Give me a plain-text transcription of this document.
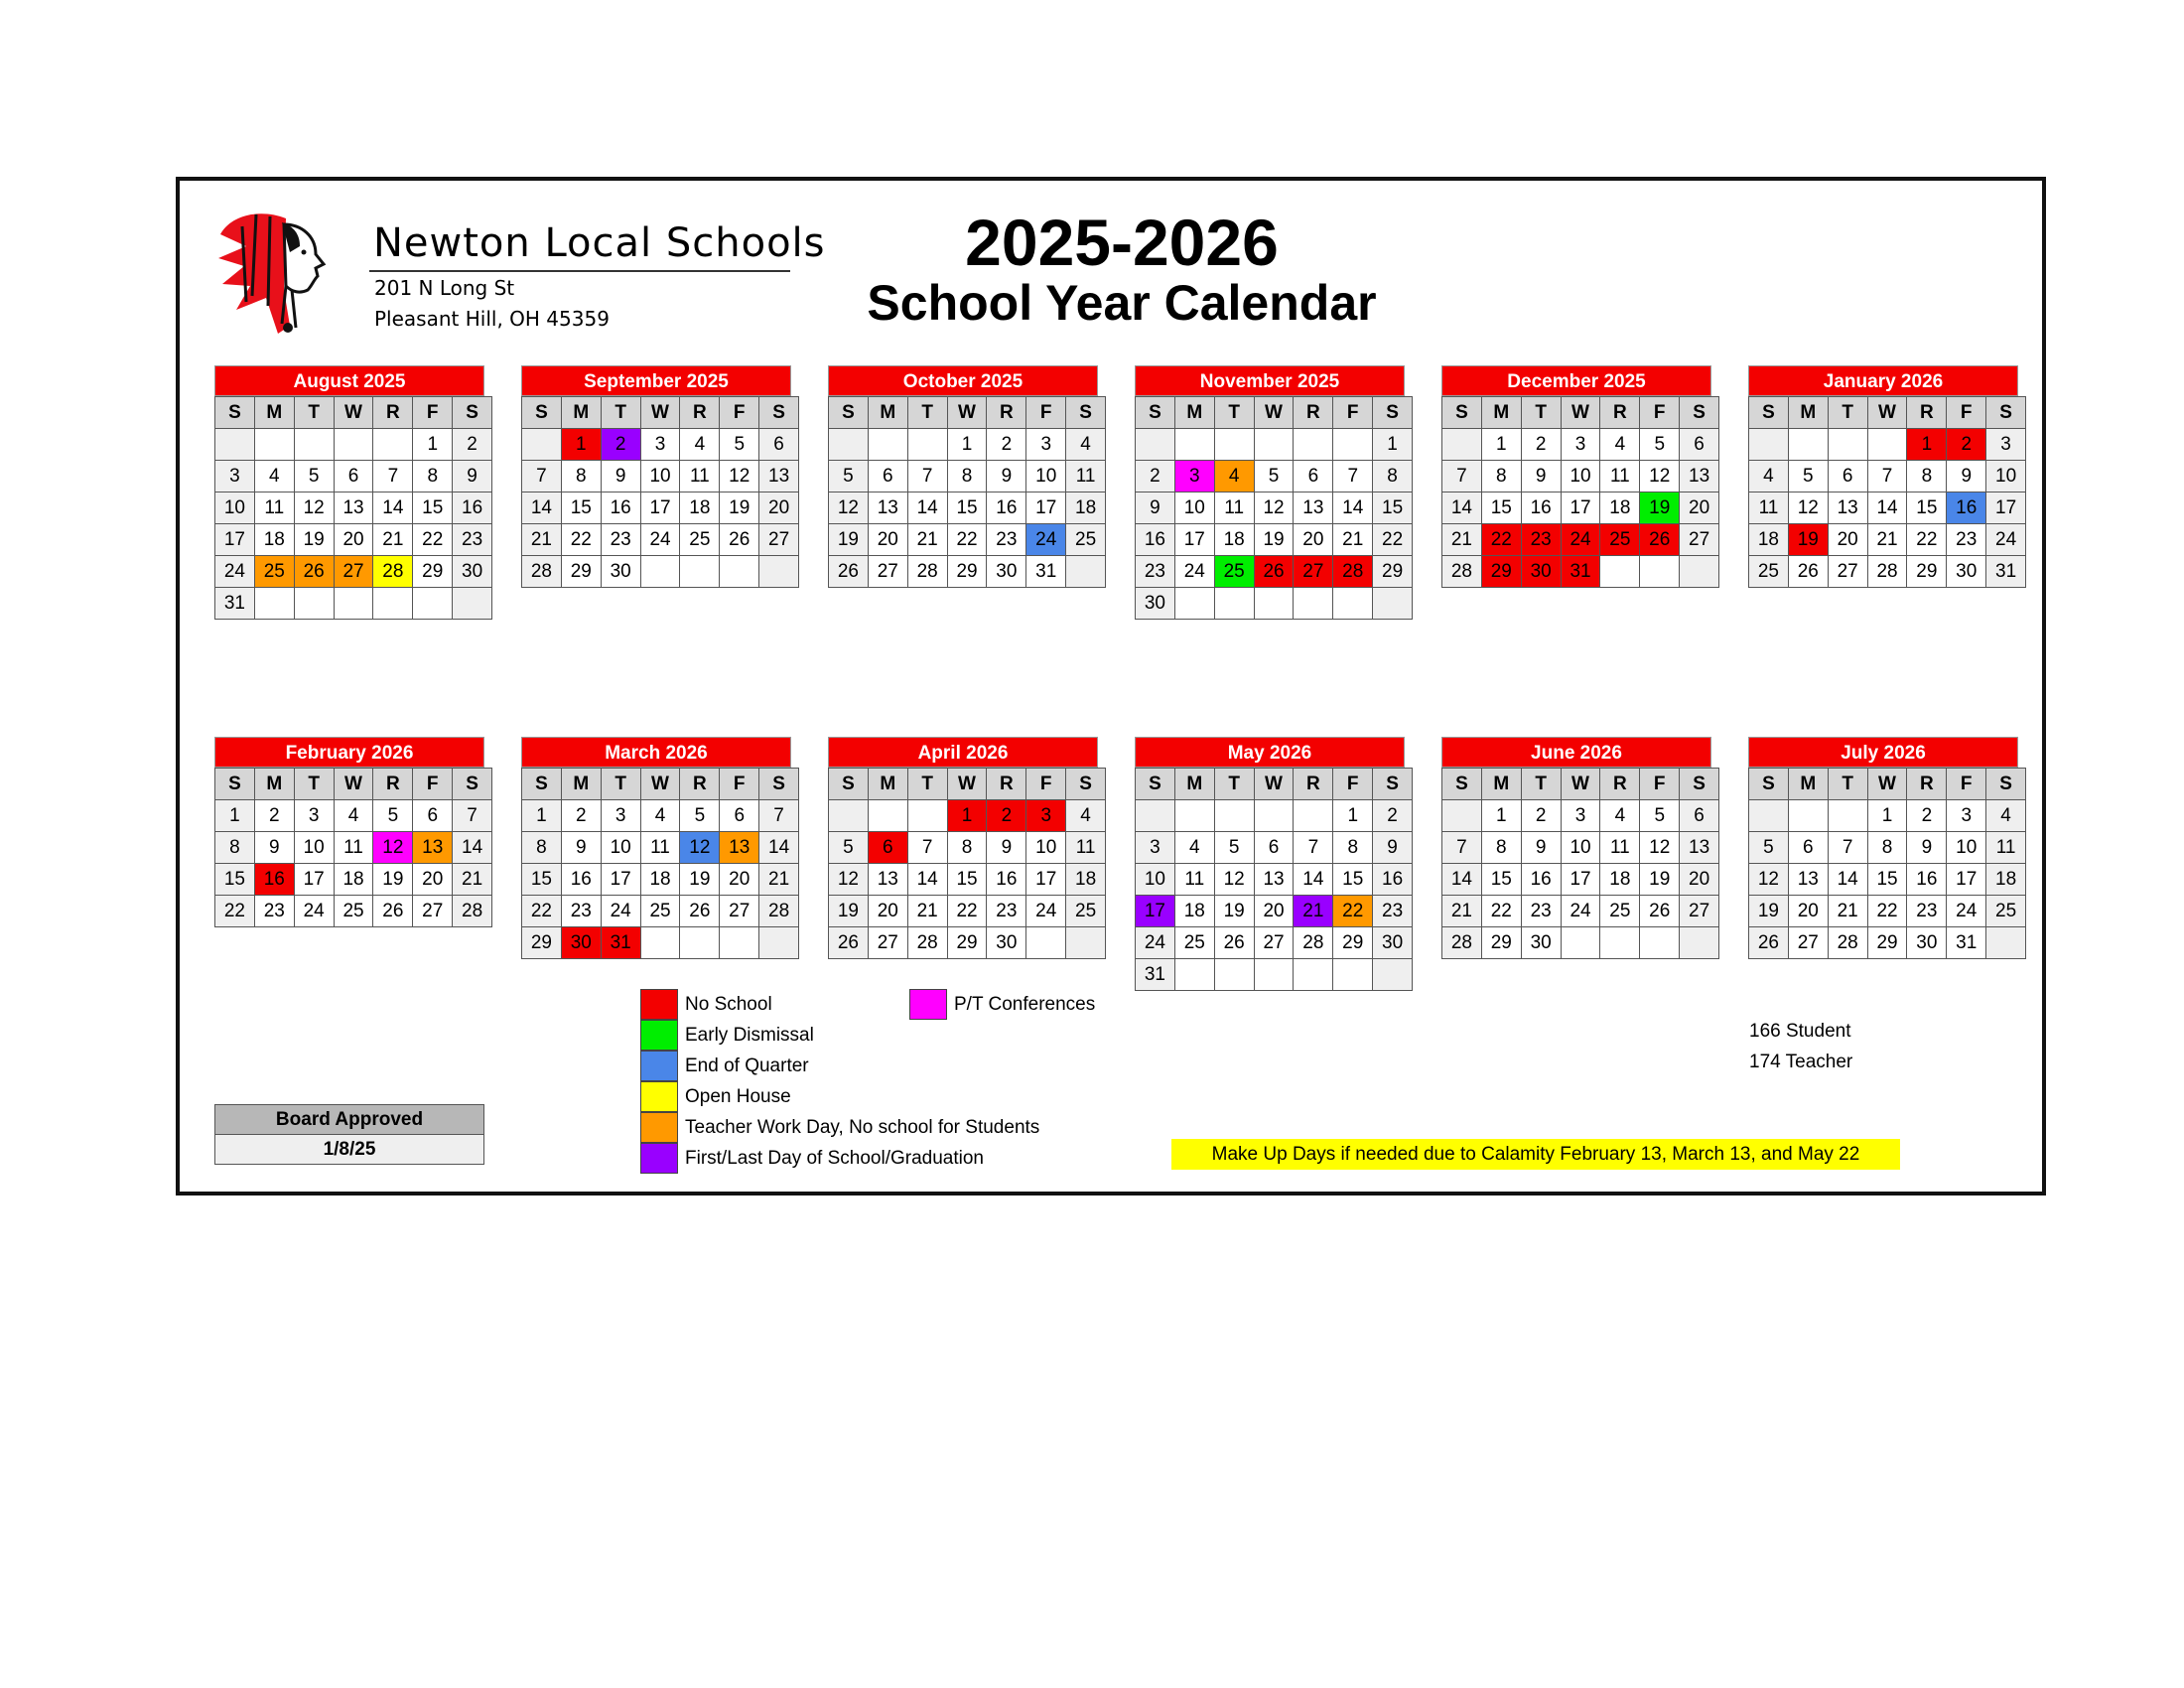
Newton Local Schools
201 N Long St
Pleasant Hill, OH 45359
2025-2026
School Year Calendar
August 2025
S	M	T	W	R	F	S
					1	2
3	4	5	6	7	8	9
10	11	12	13	14	15	16
17	18	19	20	21	22	23
24	25	26	27	28	29	30
31						
September 2025
S	M	T	W	R	F	S
	1	2	3	4	5	6
7	8	9	10	11	12	13
14	15	16	17	18	19	20
21	22	23	24	25	26	27
28	29	30				
October 2025
S	M	T	W	R	F	S
			1	2	3	4
5	6	7	8	9	10	11
12	13	14	15	16	17	18
19	20	21	22	23	24	25
26	27	28	29	30	31	
November 2025
S	M	T	W	R	F	S
						1
2	3	4	5	6	7	8
9	10	11	12	13	14	15
16	17	18	19	20	21	22
23	24	25	26	27	28	29
30						
December 2025
S	M	T	W	R	F	S
	1	2	3	4	5	6
7	8	9	10	11	12	13
14	15	16	17	18	19	20
21	22	23	24	25	26	27
28	29	30	31			
January 2026
S	M	T	W	R	F	S
				1	2	3
4	5	6	7	8	9	10
11	12	13	14	15	16	17
18	19	20	21	22	23	24
25	26	27	28	29	30	31
February 2026
S	M	T	W	R	F	S
1	2	3	4	5	6	7
8	9	10	11	12	13	14
15	16	17	18	19	20	21
22	23	24	25	26	27	28
March 2026
S	M	T	W	R	F	S
1	2	3	4	5	6	7
8	9	10	11	12	13	14
15	16	17	18	19	20	21
22	23	24	25	26	27	28
29	30	31				
April 2026
S	M	T	W	R	F	S
			1	2	3	4
5	6	7	8	9	10	11
12	13	14	15	16	17	18
19	20	21	22	23	24	25
26	27	28	29	30		
May 2026
S	M	T	W	R	F	S
					1	2
3	4	5	6	7	8	9
10	11	12	13	14	15	16
17	18	19	20	21	22	23
24	25	26	27	28	29	30
31						
June 2026
S	M	T	W	R	F	S
	1	2	3	4	5	6
7	8	9	10	11	12	13
14	15	16	17	18	19	20
21	22	23	24	25	26	27
28	29	30				
July 2026
S	M	T	W	R	F	S
			1	2	3	4
5	6	7	8	9	10	11
12	13	14	15	16	17	18
19	20	21	22	23	24	25
26	27	28	29	30	31	
No School
Early Dismissal
End of Quarter
Open House
Teacher Work Day, No school for Students
First/Last Day of School/Graduation
P/T Conferences
166 Student
174 Teacher
Board Approved
1/8/25	Make Up Days if needed due to Calamity February 13, March 13, and May 22
